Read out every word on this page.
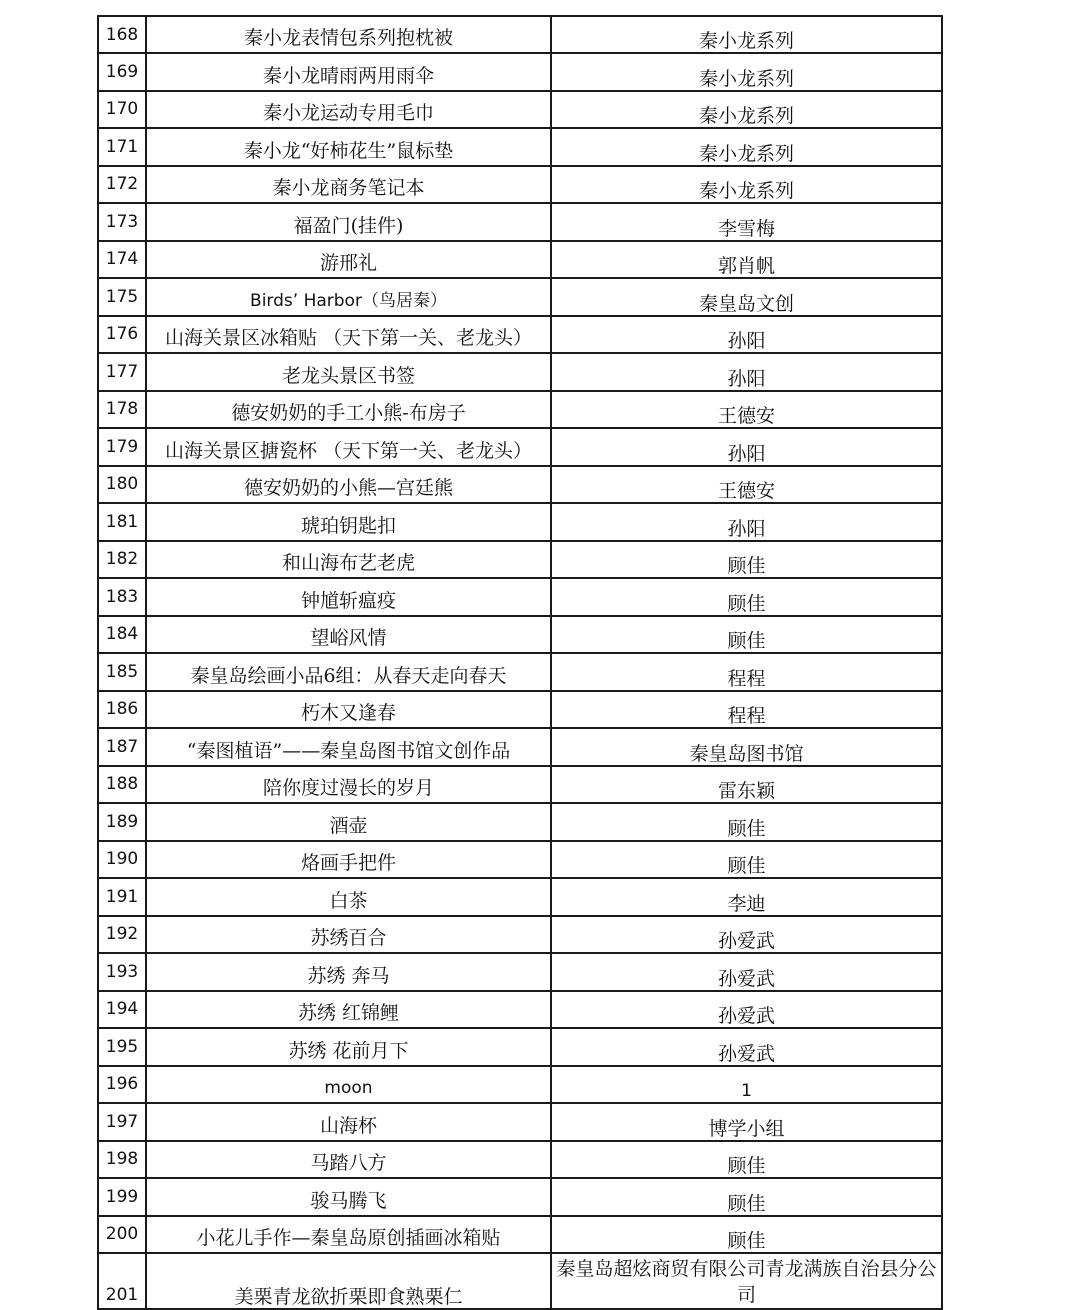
168	秦小龙表情包系列抱枕被	秦小龙系列
169	秦小龙晴雨两用雨伞	秦小龙系列
170	秦小龙运动专用毛巾	秦小龙系列
171	秦小龙“好柿花生”鼠标垫	秦小龙系列
172	秦小龙商务笔记本	秦小龙系列
173	福盈门(挂件)	李雪梅
174	游邢礼	郭肖帆
175	Birds’ Harbor（鸟居秦）	秦皇岛文创
176	山海关景区冰箱贴 （天下第一关、老龙头）	孙阳
177	老龙头景区书签	孙阳
178	德安奶奶的手工小熊-布房子	王德安
179	山海关景区搪瓷杯 （天下第一关、老龙头）	孙阳
180	德安奶奶的小熊—宫廷熊	王德安
181	琥珀钥匙扣	孙阳
182	和山海布艺老虎	顾佳
183	钟馗斩瘟疫	顾佳
184	望峪风情	顾佳
185	秦皇岛绘画小品6组：从春天走向春天	程程
186	朽木又逢春	程程
187	“秦图植语”——秦皇岛图书馆文创作品	秦皇岛图书馆
188	陪你度过漫长的岁月	雷东颖
189	酒壶	顾佳
190	烙画手把件	顾佳
191	白茶	李迪
192	苏绣百合	孙爱武
193	苏绣 奔马	孙爱武
194	苏绣 红锦鲤	孙爱武
195	苏绣 花前月下	孙爱武
196	moon	1
197	山海杯	博学小组
198	马踏八方	顾佳
199	骏马腾飞	顾佳
200	小花儿手作—秦皇岛原创插画冰箱贴	顾佳
201	美栗青龙欲折栗即食熟栗仁	秦皇岛超炫商贸有限公司青龙满族自治县分公司
